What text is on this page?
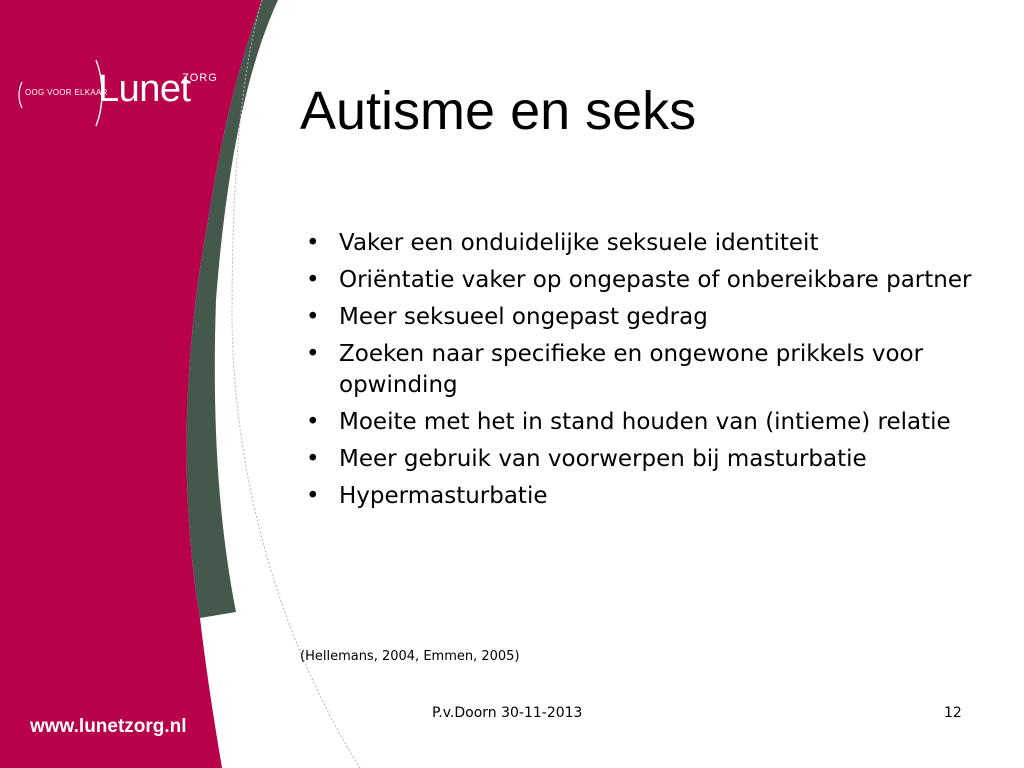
OOG VOOR ELKAAR
Lunet
ZORG
www.lunetzorg.nl
Autisme en seks
• Vaker een onduidelijke seksuele identiteit
• Oriëntatie vaker op ongepaste of onbereikbare partner
• Meer seksueel ongepast gedrag
• Zoeken naar specifieke en ongewone prikkels voor opwinding
• Moeite met het in stand houden van (intieme) relatie
• Meer gebruik van voorwerpen bij masturbatie
• Hypermasturbatie
(Hellemans, 2004, Emmen, 2005)
P.v.Doorn 30-11-2013	12
